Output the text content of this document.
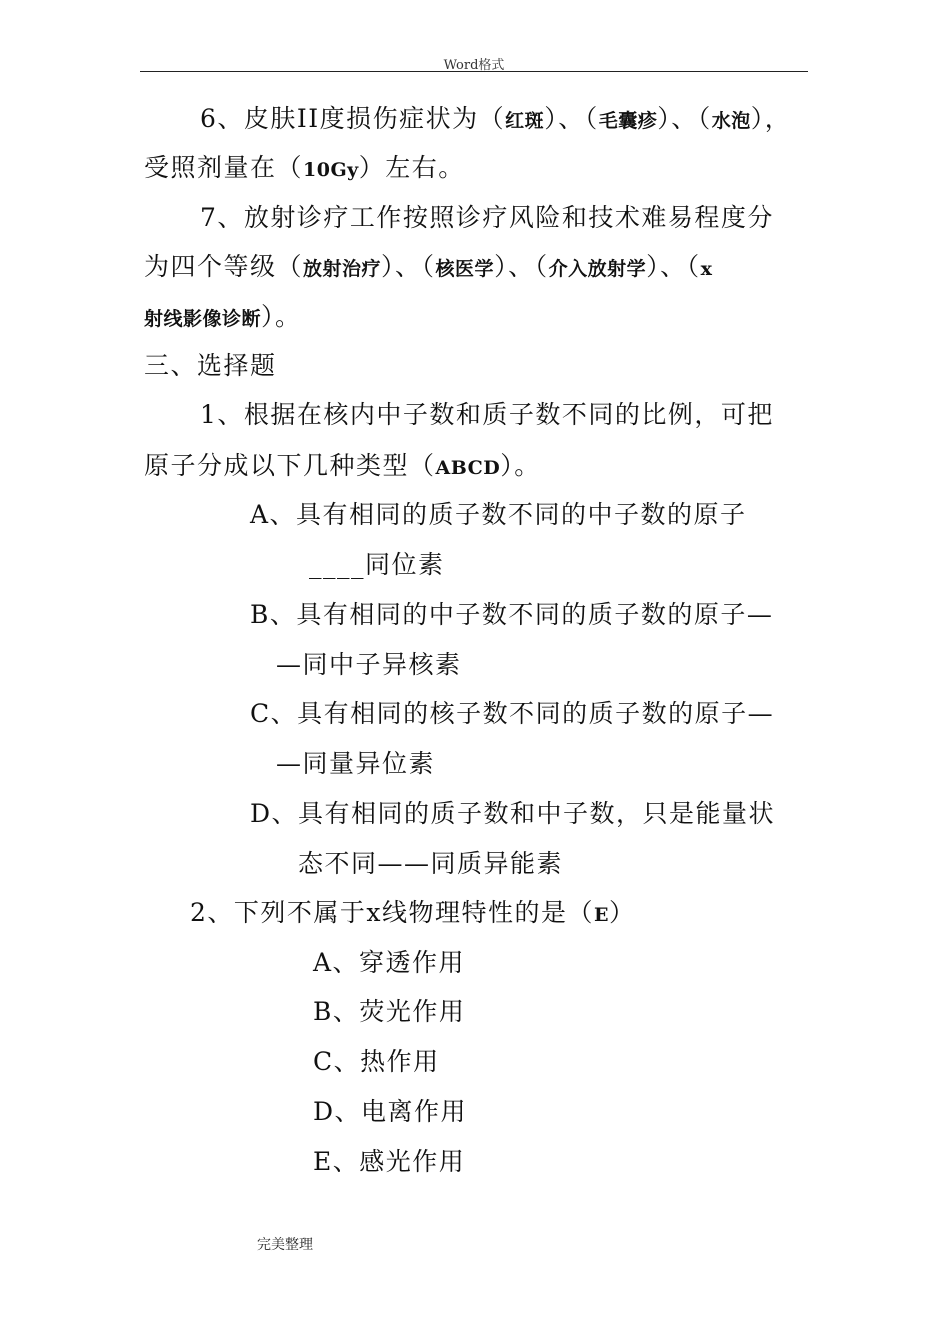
Word格式
6、皮肤II度损伤症状为（红斑）、（毛囊疹）、（水泡），
受照剂量在（10Gy）左右。
7、放射诊疗工作按照诊疗风险和技术难易程度分
为四个等级（放射治疗）、（核医学）、（介入放射学）、（x
射线影像诊断）。
三、选择题
1、根据在核内中子数和质子数不同的比例，可把
原子分成以下几种类型（ABCD）。
A、具有相同的质子数不同的中子数的原子
____同位素
B、具有相同的中子数不同的质子数的原子—
—同中子异核素
C、具有相同的核子数不同的质子数的原子—
—同量异位素
D、具有相同的质子数和中子数，只是能量状
态不同——同质异能素
2、下列不属于x线物理特性的是（E）
A、穿透作用
B、荧光作用
C、热作用
D、电离作用
E、感光作用
完美整理
